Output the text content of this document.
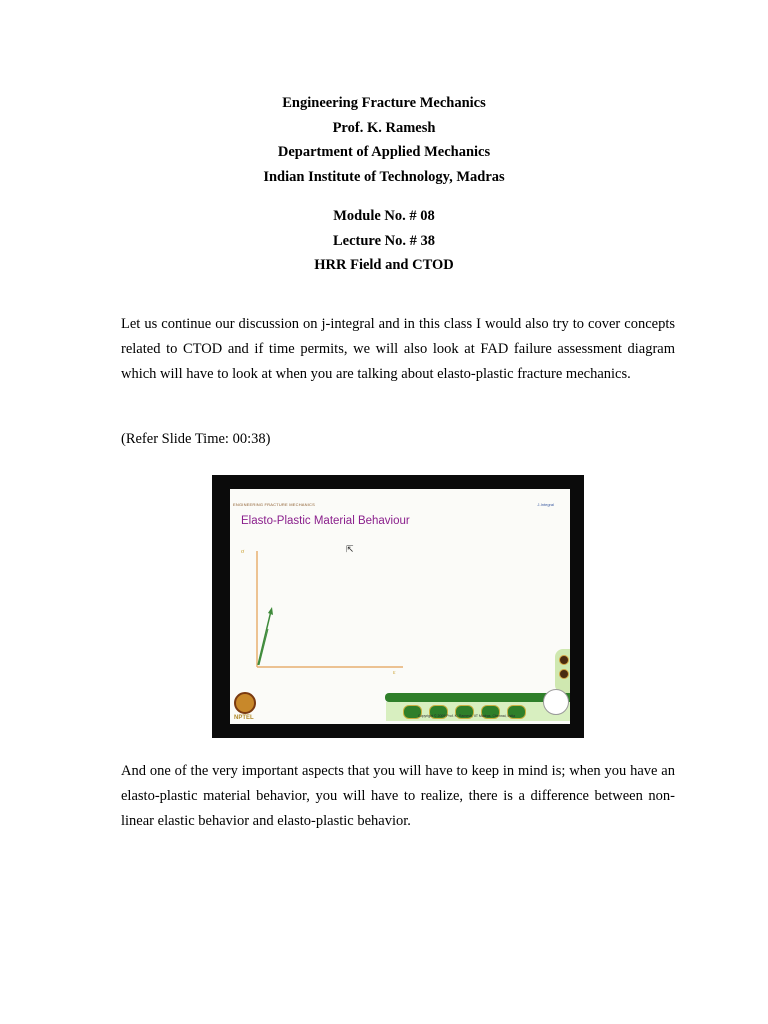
Engineering Fracture Mechanics
Prof. K. Ramesh
Department of Applied Mechanics
Indian Institute of Technology, Madras
Module No. # 08
Lecture No. # 38
HRR Field and CTOD

Let us continue our discussion on j-integral and in this class I would also try to cover concepts related to CTOD and if time permits, we will also look at FAD failure assessment diagram which will have to look at when you are talking about elasto-plastic fracture mechanics.

(Refer Slide Time: 00:38)
ENGINEERING FRACTURE MECHANICS	J-Integral
Elasto-Plastic Material Behaviour
σ
ε
⇱
Copyright © 2009 Prof. K. Ramesh, IIT Madras, Chennai, India
NPTEL

And one of the very important aspects that you will have to keep in mind is; when you have an elasto-plastic material behavior, you will have to realize, there is a difference between non-linear elastic behavior and elasto-plastic behavior.
